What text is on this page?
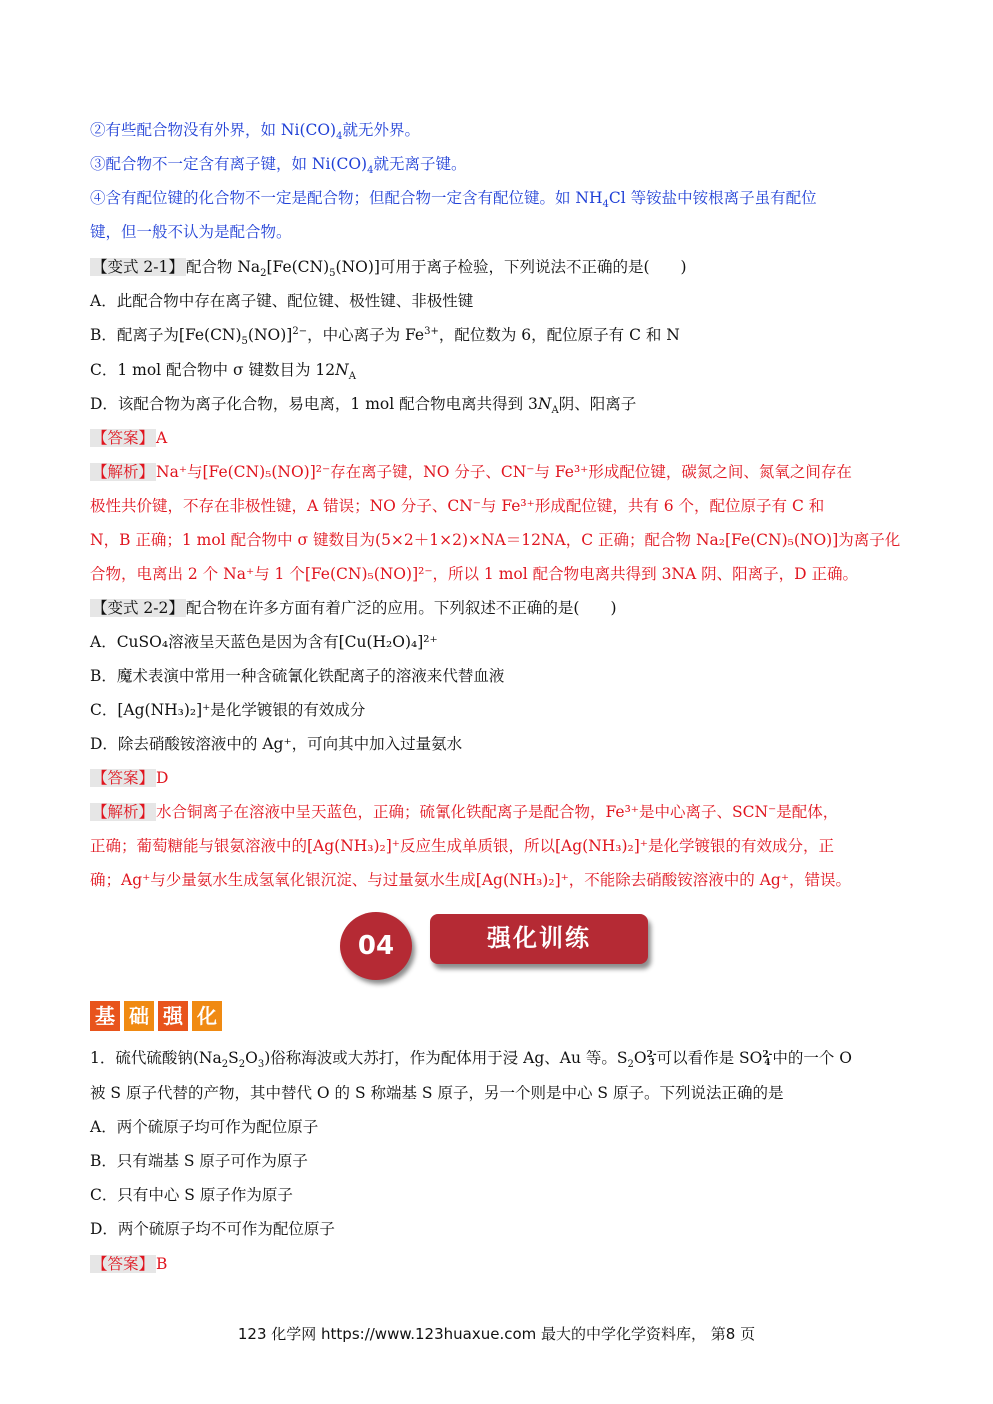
②有些配合物没有外界，如 $Ni(CO)_4$就无外界。
③配合物不一定含有离子键，如 $Ni(CO)_4$就无离子键。
④含有配位键的化合物不一定是配合物；但配合物一定含有配位键。如 $NH_4Cl$ 等铵盐中铵根离子虽有配位
键，但一般不认为是配合物。
【变式 2-1】 配合物 $Na_2[Fe(CN)_5(NO)]$可用于离子检验，下列说法不正确的是(　　)
A．此配合物中存在离子键、配位键、极性键、非极性键
B．配离子为$[Fe(CN)_5(NO)]^{2-}$，中心离子为 $Fe^{3+}$，配位数为 6，配位原子有 C 和 N
C．1 mol 配合物中 σ 键数目为 $12N_A$
D．该配合物为离子化合物，易电离，1 mol 配合物电离共得到 $3N_A$阴、阳离子
【答案】 A
【解析】 Na⁺与[Fe(CN)₅(NO)]²⁻存在离子键，NO 分子、CN⁻与 Fe³⁺形成配位键，碳氮之间、氮氧之间存在
极性共价键，不存在非极性键，A 错误；NO 分子、CN⁻与 Fe³⁺形成配位键，共有 6 个，配位原子有 C 和
N，B 正确；1 mol 配合物中 σ 键数目为(5×2＋1×2)×NA＝12NA，C 正确；配合物 Na₂[Fe(CN)₅(NO)]为离子化
合物，电离出 2 个 Na⁺与 1 个[Fe(CN)₅(NO)]²⁻，所以 1 mol 配合物电离共得到 3NA 阴、阳离子，D 正确。
【变式 2-2】 配合物在许多方面有着广泛的应用。下列叙述不正确的是(　　)
A．CuSO₄溶液呈天蓝色是因为含有[Cu(H₂O)₄]²⁺
B．魔术表演中常用一种含硫氰化铁配离子的溶液来代替血液
C．[Ag(NH₃)₂]⁺是化学镀银的有效成分
D．除去硝酸铵溶液中的 Ag⁺，可向其中加入过量氨水
【答案】 D
【解析】 水合铜离子在溶液中呈天蓝色，正确；硫氰化铁配离子是配合物，Fe³⁺是中心离子、SCN⁻是配体，
正确；葡萄糖能与银氨溶液中的[Ag(NH₃)₂]⁺反应生成单质银，所以[Ag(NH₃)₂]⁺是化学镀银的有效成分，正
确；Ag⁺与少量氨水生成氢氧化银沉淀、与过量氨水生成[Ag(NH₃)₂]⁺，不能除去硝酸铵溶液中的 Ag⁺，错误。
04	强化训练
基 础 强 化
1．硫代硫酸钠$(Na_2S_2O_3)$俗称海波或大苏打，作为配体用于浸 Ag、Au 等。$S_2O2-$
3 可以看作是 SO2-
4 中的一个 O
被 S 原子代替的产物，其中替代 O 的 S 称端基 S 原子，另一个则是中心 S 原子。下列说法正确的是
A．两个硫原子均可作为配位原子
B．只有端基 S 原子可作为原子
C．只有中心 S 原子作为原子
D．两个硫原子均不可作为配位原子
【答案】 B
123 化学网 https://www.123huaxue.com 最大的中学化学资料库， 第8 页
